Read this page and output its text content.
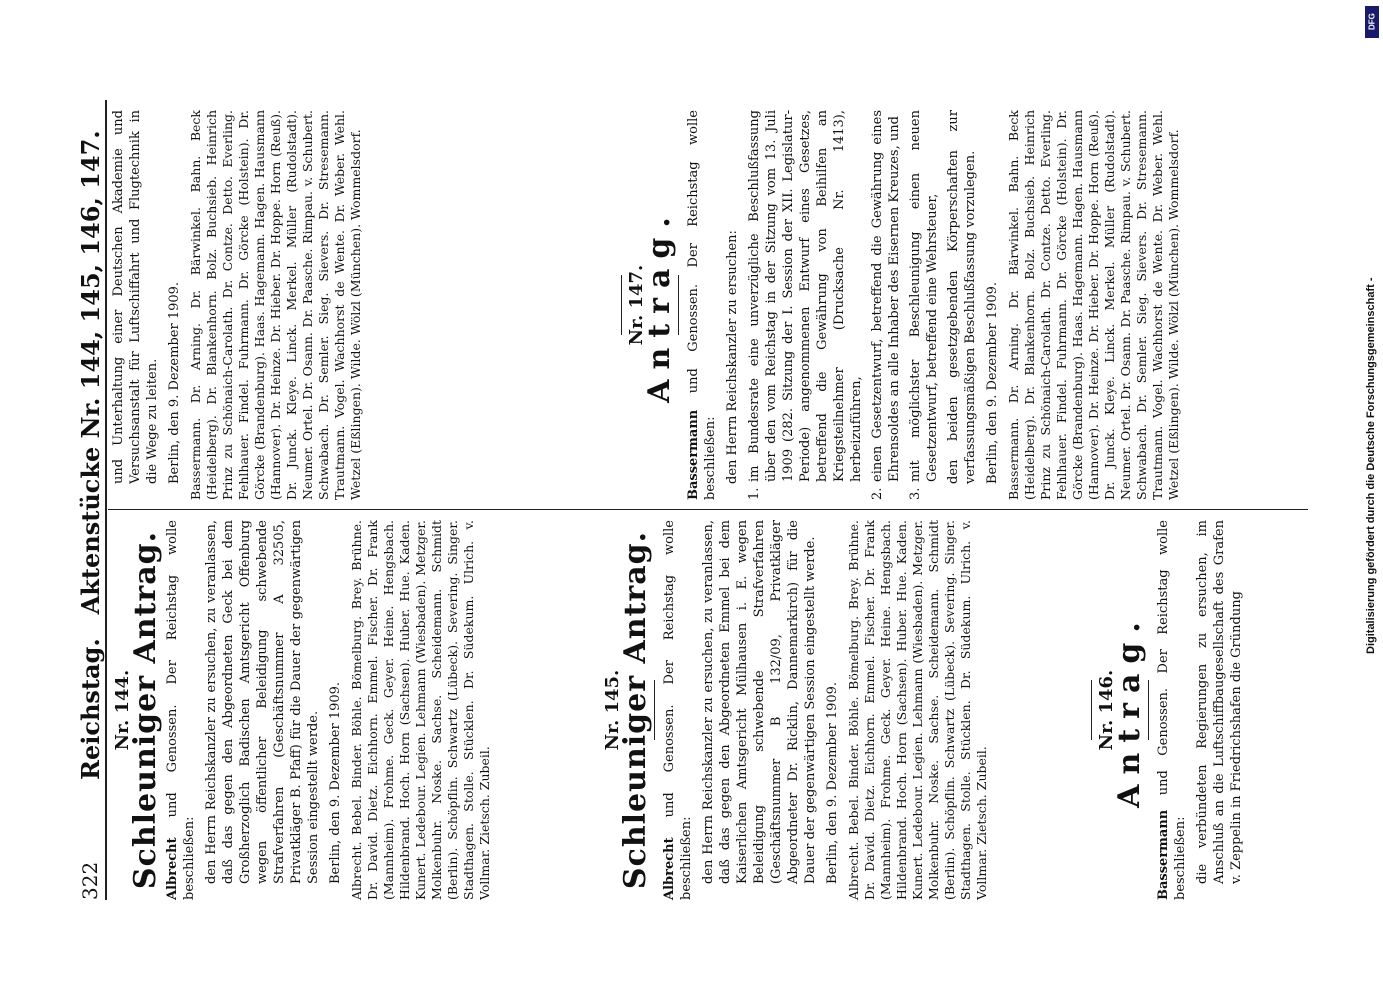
322
Reichstag.Aktenstücke Nr. 144, 145, 146, 147.
Nr. 144.
Schleuniger Antrag. Albrecht und Genossen. Der Reichstag wolle beschließen: den Herrn Reichskanzler zu ersuchen, zu veranlassen, daß das gegen den Abgeordneten Geck bei dem Großherzoglich Badischen Amtsgericht Offenburg wegen öffentlicher Beleidigung schwebende Strafverfahren (Geschäftsnummer A 32505, Privatkläger B. Pfaff) für die Dauer der gegenwärtigen Session eingestellt werde. Berlin, den 9. Dezember 1909. Albrecht. Bebel. Binder. Böhle. Bömelburg. Brey. Brühne. Dr. David. Dietz. Eichhorn. Emmel. Fischer. Dr. Frank (Mannheim). Frohme. Geck. Geyer. Heine. Hengsbach. Hildenbrand. Hoch. Horn (Sachsen). Huber. Hue. Kaden. Kunert. Ledebour. Legien. Lehmann (Wiesbaden). Metzger. Molkenbuhr. Noske. Sachse. Scheidemann. Schmidt (Berlin). Schöpflin. Schwartz (Lübeck). Severing. Singer. Stadthagen. Stolle. Stücklen. Dr. Südekum. Ulrich. v. Vollmar. Zietsch. Zubeil.

Nr. 145.
Schleuniger Antrag. Albrecht und Genossen. Der Reichstag wolle beschließen: den Herrn Reichskanzler zu ersuchen, zu veranlassen, daß das gegen den Abgeordneten Emmel bei dem Kaiserlichen Amtsgericht Mülhausen i. E. wegen Beleidigung schwebende Strafverfahren (Geschäftsnummer B 132/09, Privatkläger Abgeordneter Dr. Ricklin, Dannemarkirch) für die Dauer der gegenwärtigen Session eingestellt werde. Berlin, den 9. Dezember 1909. Albrecht. Bebel. Binder. Böhle. Bömelburg. Brey. Brühne. Dr. David. Dietz. Eichhorn. Emmel. Fischer. Dr. Frank (Mannheim). Frohme. Geck. Geyer. Heine. Hengsbach. Hildenbrand. Hoch. Horn (Sachsen). Huber. Hue. Kaden. Kunert. Ledebour. Legien. Lehmann (Wiesbaden). Metzger. Molkenbuhr. Noske. Sachse. Scheidemann. Schmidt (Berlin). Schöpflin. Schwartz (Lübeck). Severing. Singer. Stadthagen. Stolle. Stücklen. Dr. Südekum. Ulrich. v. Vollmar. Zietsch. Zubeil.

Nr. 146.
Antrag.

Bassermann und Genossen. Der Reichstag wolle beschließen: die verbündeten Regierungen zu ersuchen, im Anschluß an die Luftschiffbaugesellschaft des Grafen v. Zeppelin in Friedrichshafen die Gründung

und Unterhaltung einer Deutschen Akademie und Versuchsanstalt für Luftschiffahrt und Flugtechnik in die Wege zu leiten. Berlin, den 9. Dezember 1909. Bassermann. Dr. Arning. Dr. Bärwinkel. Bahn. Beck (Heidelberg). Dr. Blankenhorn. Bolz. Buchsieb. Heinrich Prinz zu Schönaich-Carolath. Dr. Contze. Detto. Everling. Fehlhauer. Findel. Fuhrmann. Dr. Görcke (Holstein). Dr. Görcke (Brandenburg). Haas. Hagemann. Hagen. Hausmann (Hannover). Dr. Heinze. Dr. Hieber. Dr. Hoppe. Horn (Reuß). Dr. Junck. Kleye. Linck. Merkel. Müller (Rudolstadt). Neumer. Ortel. Dr. Osann. Dr. Paasche. Rimpau. v. Schubert. Schwabach. Dr. Semler. Sieg. Sievers. Dr. Stresemann. Trautmann. Vogel. Wachhorst de Wente. Dr. Weber. Wehl. Wetzel (Eßlingen). Wilde. Wölzl (München). Wommelsdorf.	Nr. 147.
Antrag.

Bassermann und Genossen. Der Reichstag wolle beschließen: den Herrn Reichskanzler zu ersuchen:

1.
im Bundesrate eine unverzügliche Beschlußfassung über den vom Reichstag in der Sitzung vom 13. Juli 1909 (282. Sitzung der I. Session der XII. Legislatur-Periode) angenommenen Entwurf eines Gesetzes, betreffend die Gewährung von Beihilfen an Kriegsteilnehmer (Drucksache Nr. 1413), herbeizuführen,
2.
einen Gesetzentwurf, betreffend die Gewährung eines Ehrensoldes an alle Inhaber des Eisernen Kreuzes, und
3.
mit möglichster Beschleunigung einen neuen Gesetzentwurf, betreffend eine Wehrsteuer, den beiden gesetzgebenden Körperschaften zur verfassungsmäßigen Beschlußfassung vorzulegen. Berlin, den 9. Dezember 1909. Bassermann. Dr. Arning. Dr. Bärwinkel. Bahn. Beck (Heidelberg). Dr. Blankenhorn. Bolz. Buchsieb. Heinrich Prinz zu Schönaich-Carolath. Dr. Contze. Detto. Everling. Fehlhauer. Findel. Fuhrmann. Dr. Görcke (Holstein). Dr. Görcke (Brandenburg). Haas. Hagemann. Hagen. Hausmann (Hannover). Dr. Heinze. Dr. Hieber. Dr. Hoppe. Horn (Reuß). Dr. Junck. Kleye. Linck. Merkel. Müller (Rudolstadt). Neumer. Ortel. Dr. Osann. Dr. Paasche. Rimpau. v. Schubert. Schwabach. Dr. Semler. Sieg. Sievers. Dr. Stresemann. Trautmann. Vogel. Wachhorst de Wente. Dr. Weber. Wehl. Wetzel (Eßlingen). Wilde. Wölzl (München). Wommelsdorf.

DFG
Digitalisierung gefördert durch die Deutsche Forschungsgemeinschaft -
